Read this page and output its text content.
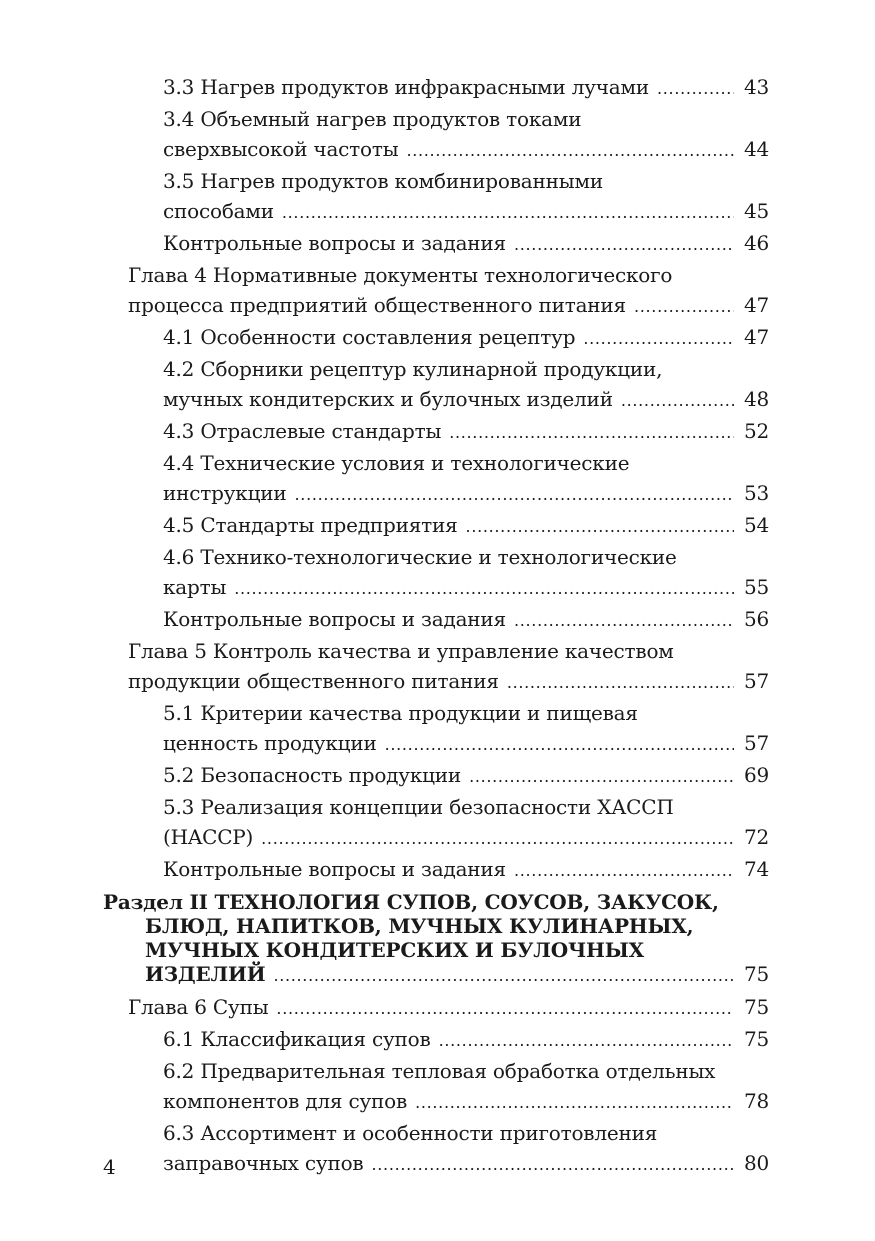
3.3 Нагрев продуктов инфракрасными лучами . . .	43
3.4 Объемный нагрев продуктов токами
сверхвысокой частоты . . .	44
3.5 Нагрев продуктов комбинированными
способами . . .	45
Контрольные вопросы и задания . . .	46
Глава 4 Нормативные документы технологического
процесса предприятий общественного питания . . .	47
4.1 Особенности составления рецептур . . .	47
4.2 Сборники рецептур кулинарной продукции,
мучных кондитерских и булочных изделий . . .	48
4.3 Отраслевые стандарты . . .	52
4.4 Технические условия и технологические
инструкции . . .	53
4.5 Стандарты предприятия . . .	54
4.6 Технико-технологические и технологические
карты . . .	55
Контрольные вопросы и задания . . .	56
Глава 5 Контроль качества и управление качеством
продукции общественного питания . . .	57
5.1 Критерии качества продукции и пищевая
ценность продукции . . .	57
5.2 Безопасность продукции . . .	69
5.3 Реализация концепции безопасности ХАССП
(HACCP) . . .	72
Контрольные вопросы и задания . . .	74
Раздел II ТЕХНОЛОГИЯ СУПОВ, СОУСОВ, ЗАКУСОК,
БЛЮД, НАПИТКОВ, МУЧНЫХ КУЛИНАРНЫХ,
МУЧНЫХ КОНДИТЕРСКИХ И БУЛОЧНЫХ
ИЗДЕЛИЙ . . .	75
Глава 6 Супы . . .	75
6.1 Классификация супов . . .	75
6.2 Предварительная тепловая обработка отдельных
компонентов для супов . . .	78
6.3 Ассортимент и особенности приготовления
заправочных супов . . .	80
4
